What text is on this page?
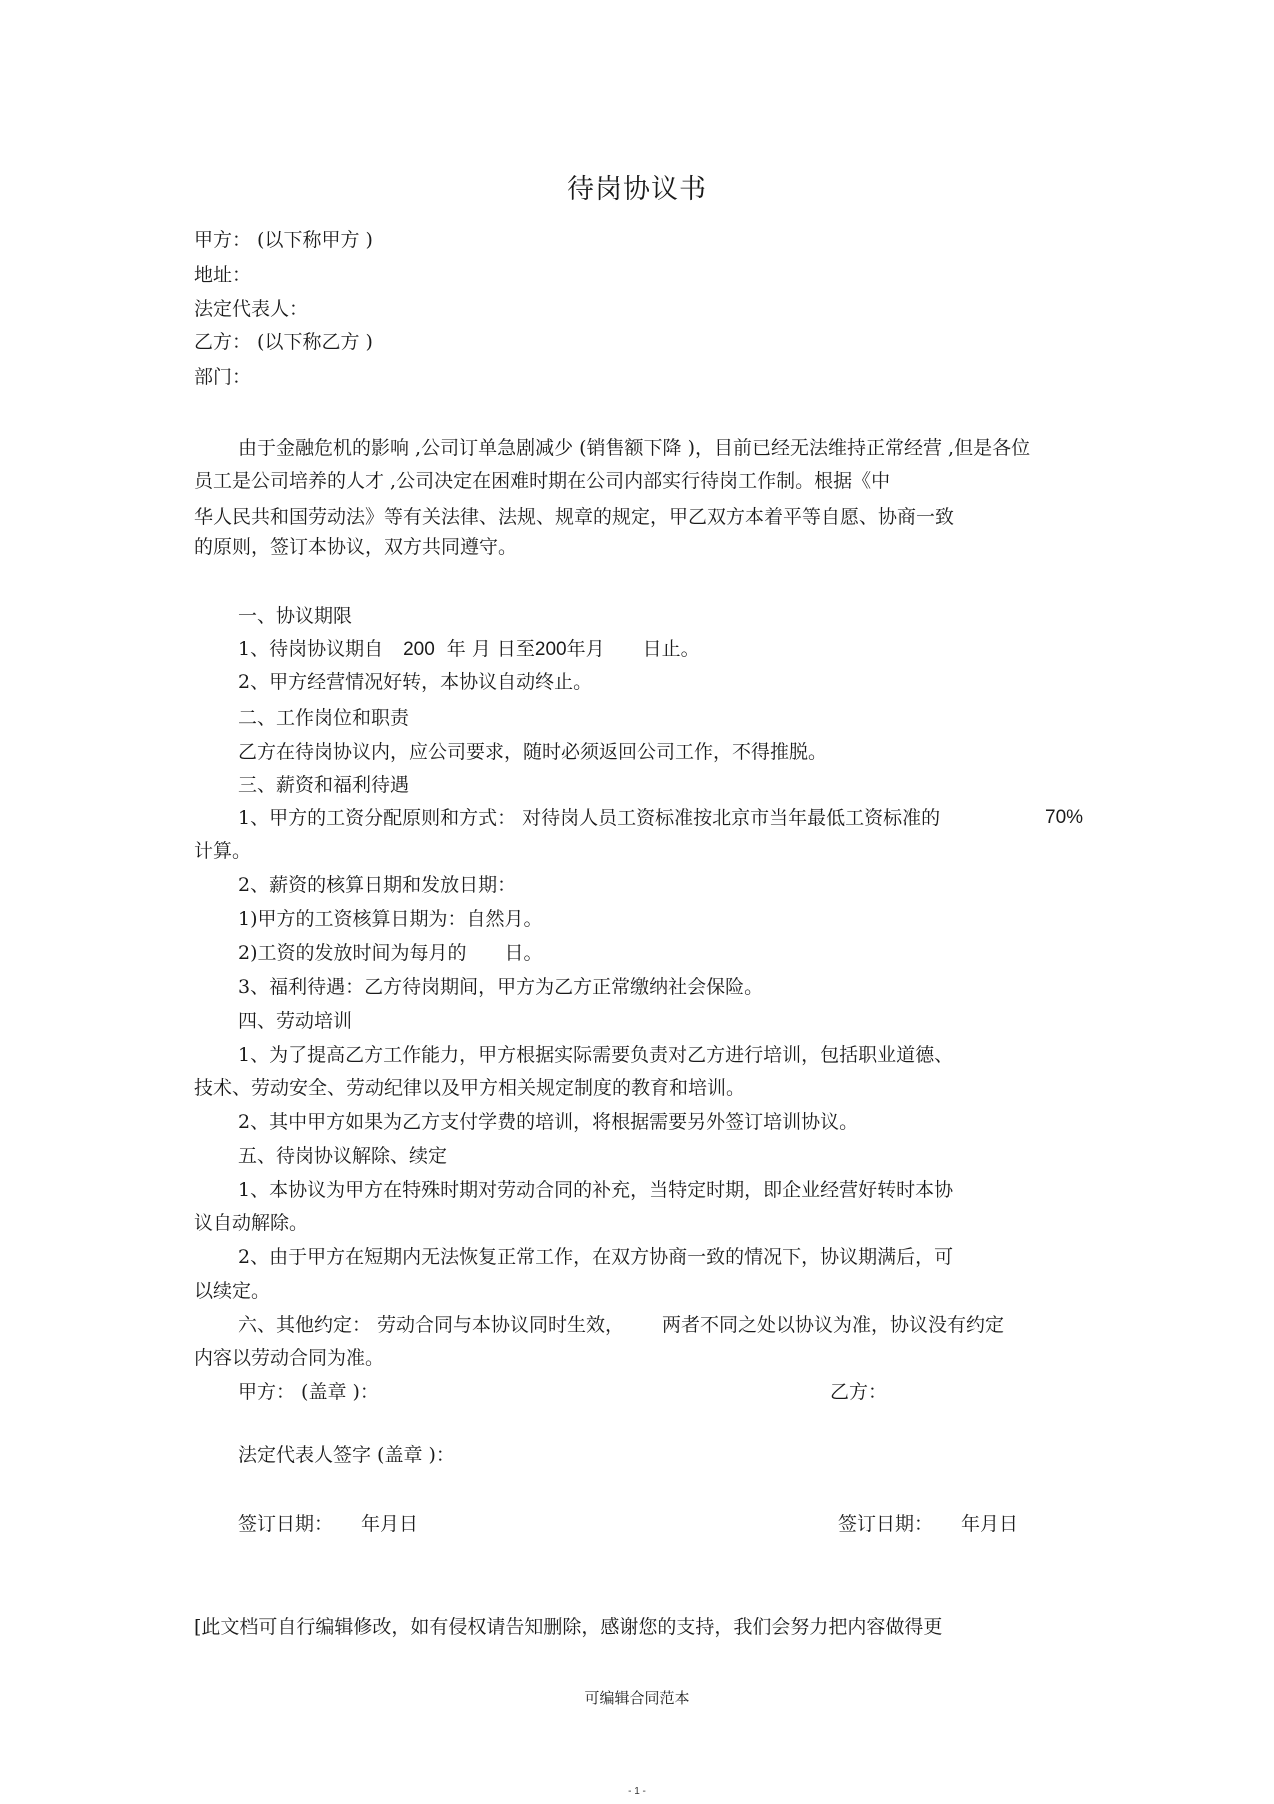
待岗协议书

甲方： (以下称甲方 )

地址：

法定代表人：

乙方： (以下称乙方 )

部门：

由于金融危机的影响 ,公司订单急剧减少 (销售额下降 )，目前已经无法维持正常经营 ,但是各位

员工是公司培养的人才 ,公司决定在困难时期在公司内部实行待岗工作制。根据《中

华人民共和国劳动法》等有关法律、法规、规章的规定，甲乙双方本着平等自愿、协商一致

的原则，签订本协议，双方共同遵守。

一、协议期限

1、待岗协议期自 200 年 月 日至200年月 日止。

2、甲方经营情况好转，本协议自动终止。

二、工作岗位和职责

乙方在待岗协议内，应公司要求，随时必须返回公司工作，不得推脱。

三、薪资和福利待遇

1、甲方的工资分配原则和方式： 对待岗人员工资标准按北京市当年最低工资标准的	70%

计算。

2、薪资的核算日期和发放日期：

1)甲方的工资核算日期为：自然月。

2)工资的发放时间为每月的 日。

3、福利待遇：乙方待岗期间，甲方为乙方正常缴纳社会保险。

四、劳动培训

1、为了提高乙方工作能力，甲方根据实际需要负责对乙方进行培训，包括职业道德、

技术、劳动安全、劳动纪律以及甲方相关规定制度的教育和培训。

2、其中甲方如果为乙方支付学费的培训，将根据需要另外签订培训协议。

五、待岗协议解除、续定

1、本协议为甲方在特殊时期对劳动合同的补充，当特定时期，即企业经营好转时本协

议自动解除。

2、由于甲方在短期内无法恢复正常工作，在双方协商一致的情况下，协议期满后，可

以续定。

六、其他约定： 劳动合同与本协议同时生效， 两者不同之处以协议为准，协议没有约定

内容以劳动合同为准。

甲方： (盖章 )：	乙方：

法定代表人签字 (盖章 )：

签订日期： 年月日	签订日期： 年月日

[此文档可自行编辑修改，如有侵权请告知删除，感谢您的支持，我们会努力把内容做得更

可编辑合同范本
- 1 -
